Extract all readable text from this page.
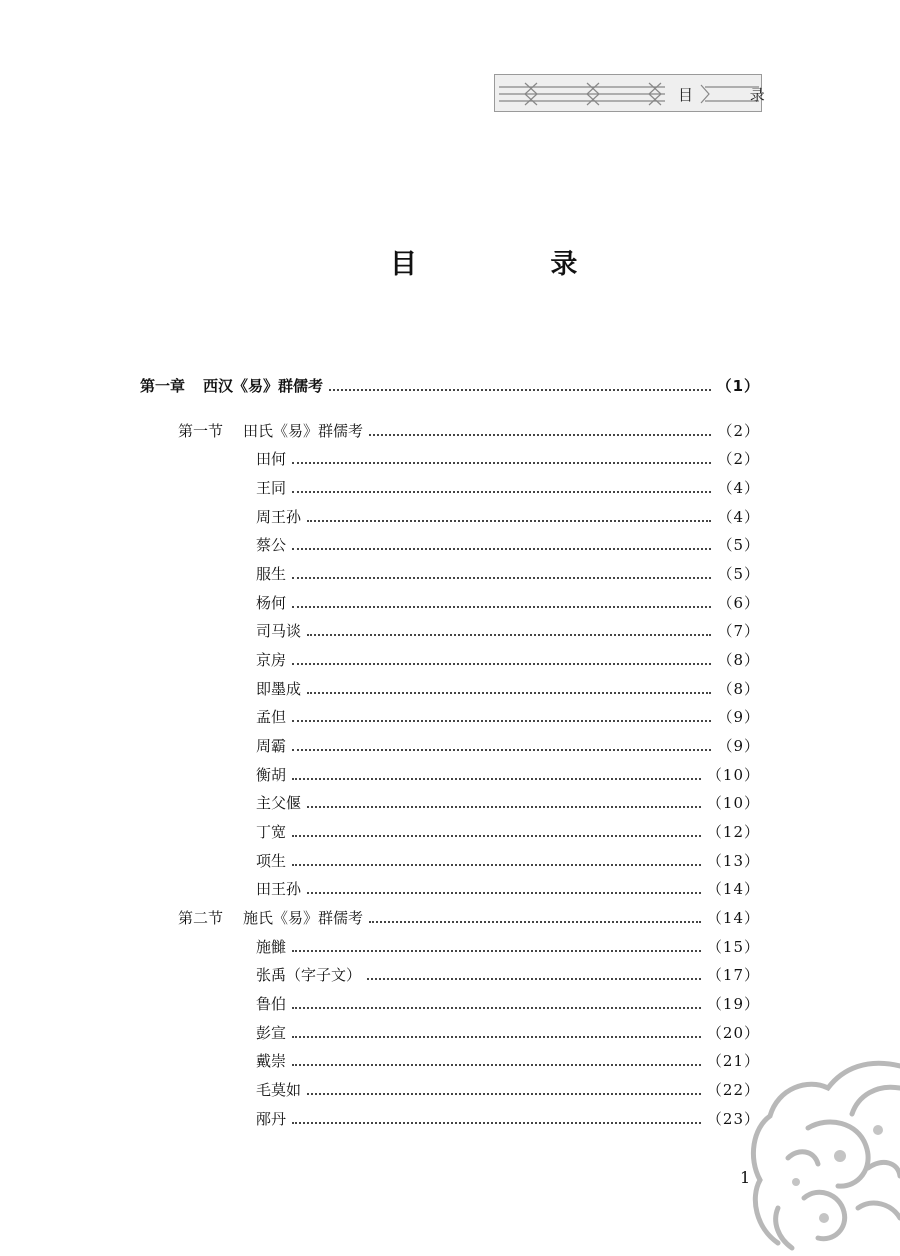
目 录
目 录
第一章 西汉《易》群儒考	（1）
第一节 田氏《易》群儒考	（2）
田何	（2）
王同	（4）
周王孙	（4）
蔡公	（5）
服生	（5）
杨何	（6）
司马谈	（7）
京房	（8）
即墨成	（8）
孟但	（9）
周霸	（9）
衡胡	（10）
主父偃	（10）
丁宽	（12）
项生	（13）
田王孙	（14）
第二节 施氏《易》群儒考	（14）
施雠	（15）
张禹（字子文）	（17）
鲁伯	（19）
彭宣	（20）
戴崇	（21）
毛莫如	（22）
邴丹	（23）
1
